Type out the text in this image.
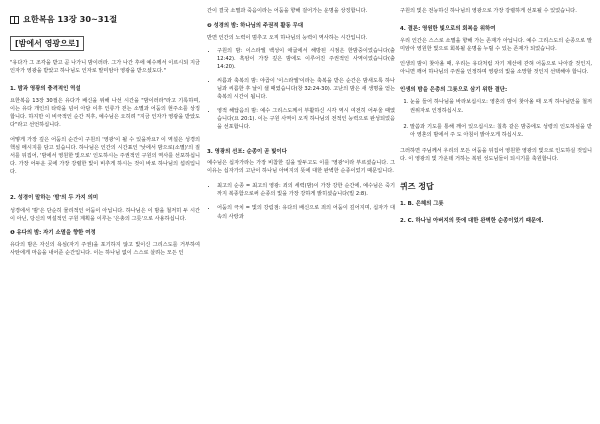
요한복음 13장 30~31절
[밤에서 영광으로]

"유다가 그 조각을 받고 곧 나가니 밤이러라. 그가 나간 후에 예수께서 이르시되 지금 인자가 영광을 받았고 하나님도 인자로 말미암아 영광을 받으셨도다."

1. 밤과 영광의 충격적인 역설

요한복음 13장 30절은 유다가 배신을 위해 나선 시간을 "밤이러라"라고 기록하며, 이는 유다 개인의 타락을 넘어 아담 이후 인류가 걷는 소멸과 어둠의 현주소를 상징합니다. 하지만 이 비극적인 순간 직후, 예수님은 오히려 "지금 인자가 영광을 받았도다"라고 선언하십니다.

어떻게 가장 깊은 어둠의 순간이 구원의 '영광'이 될 수 있을까요? 이 역설은 성경의 핵심 메시지를 담고 있습니다. 하나님은 인간의 시간표인 '낮에서 밤으로(소멸)'의 질서를 뒤집어, '밤에서 영원한 빛으로' 인도하시는 주권적인 구원의 역사를 선포하십니다. 가장 어두운 곳에 가장 강렬한 빛이 비추게 하시는 것이 바로 하나님의 섭리입니다.

2. 성경이 말하는 '밤'의 두 가지 의미

성경에서 '밤'은 단순히 물리적인 어둠이 아닙니다. 하나님은 이 밤을 철저히 두 시간이 아닌, 당신의 역설적인 구원 계획을 이루는 '은총의 그릇'으로 사용하십니다.

❶ 유다의 밤: 자기 소멸을 향한 여정

유다의 밤은 자신의 욕심(자기 주권)을 포기하지 않고 빛이신 그리스도를 거부하여 사탄에게 마음을 내어준 순간입니다. 이는 하나님 없이 스스로 살려는 모든 인

간이 결국 소멸과 죽음이라는 어둠을 향해 걸어가는 운명을 상징합니다.

❷ 성경의 밤: 하나님의 주권적 활동 무대

반면 인간의 노력이 멈추고 오직 하나님의 능력이 역사하는 시간입니다.

• 구원의 밤: 이스라엘 백성이 애굽에서 해방된 시점은 한밤중이었습니다(출 12:42). 흑암이 가장 깊은 밤에도 이루어진 주권적인 사역이었습니다(출 14:20).
• 씨름과 축복의 밤: 야곱이 '이스라엘'이라는 축복을 받은 순간은 밤새도록 하나님과 씨름한 후 날이 샐 때였습니다(창 32:24-30). 고난의 밤은 새 생명을 얻는 축복의 시간이 됩니다.
• 영적 해답음의 밤: 예수 그리스도께서 부활하신 시각 역시 여전히 어두울 때였습니다(요 20:1). 이는 구원 사역이 오직 하나님의 전적인 능력으로 완성되었음을 선포합니다.

3. 영광의 선포: 순종이 곧 빛이다

예수님은 십자가라는 가장 비참한 길을 앞두고도 이를 '영광'이라 부르셨습니다. 그 이유는 십자가의 고난이 하나님 아버지의 뜻에 대한 완벽한 순종이었기 때문입니다.

• 최고의 순종 = 최고의 영광: 죄의 세력(밤)이 가장 강한 순간에, 예수님은 죽기까지 복종함으로써 순종의 빛을 가장 강하게 밝히셨습니다(빌 2:8).
• 어둠의 극치 = 빛의 강림점: 유다의 배신으로 죄의 어둠이 깊어지며, 십자가 대속의 사랑과

구원의 빛은 전능하신 하나님의 영광으로 가장 강렬하게 선포될 수 있었습니다.

4. 결론: 영원한 빛으로의 회복을 위하여

우리 인간은 스스로 소멸을 향해 가는 존재가 아닙니다. 예수 그리스도의 순종으로 말미암아 영원한 빛으로 회복될 운명을 누릴 수 있는 존재가 되었습니다.

인생의 밤이 찾아올 때, 우리는 유다처럼 자기 계산에 갇혀 어둠으로 나아갈 것인지, 아니면 깨어 하나님의 주권을 인정하며 영광의 빛을 소망할 것인지 선택해야 합니다.

인생의 밤을 은총의 그릇으로 삼기 위한 결단:

1. 눈을 들어 하나님을 바라보십시오: 영혼의 밤이 찾아올 때 오직 하나님만을 철저 권위자로 인정하십시오.
2. 말씀과 기도를 통해 깨어 있으십시오: 칠흑 같은 밤중에도 성령의 인도하심을 받아 영혼의 밤에서 주 도 아침이 밝아오게 하십시오.

그러하면 주님께서 우리의 모든 어둠을 뒤집어 영원한 영광의 빛으로 인도하실 것입니다. 이 영광의 빛 가운데 거하는 복된 성도님들이 되시기를 축원합니다.

퀴즈 정답

1. B. 은혜의 그릇

2. C. 하나님 아버지의 뜻에 대한 완벽한 순종이었기 때문에.
